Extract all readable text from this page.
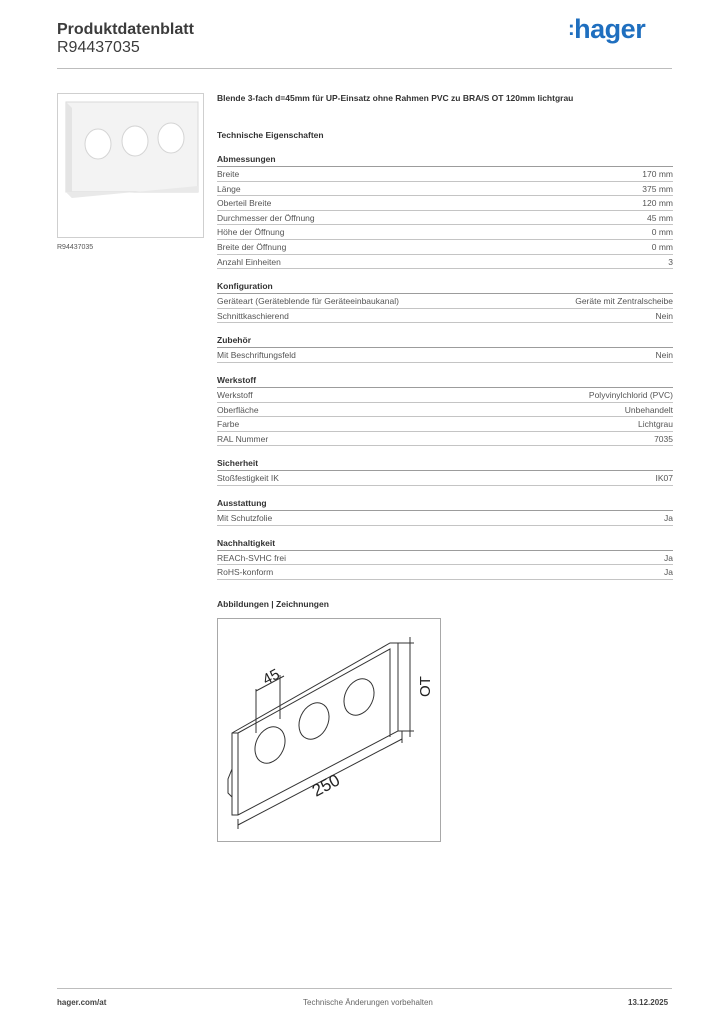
Produktdatenblatt
R94437035
:hager
R94437035
Blende 3-fach d=45mm für UP-Einsatz ohne Rahmen PVC zu BRA/S OT 120mm lichtgrau
Technische Eigenschaften
Abmessungen
Breite	170 mm
Länge	375 mm
Oberteil Breite	120 mm
Durchmesser der Öffnung	45 mm
Höhe der Öffnung	0 mm
Breite der Öffnung	0 mm
Anzahl Einheiten	3
Konfiguration
Geräteart (Geräteblende für Geräteeinbaukanal)	Geräte mit Zentralscheibe
Schnittkaschierend	Nein
Zubehör
Mit Beschriftungsfeld	Nein
Werkstoff
Werkstoff	Polyvinylchlorid (PVC)
Oberfläche	Unbehandelt
Farbe	Lichtgrau
RAL Nummer	7035
Sicherheit
Stoßfestigkeit IK	IK07
Ausstattung
Mit Schutzfolie	Ja
Nachhaltigkeit
REACh-SVHC frei	Ja
RoHS-konform	Ja
Abbildungen | Zeichnungen
45
250
OT
hager.com/at	Technische Änderungen vorbehalten	13.12.2025
